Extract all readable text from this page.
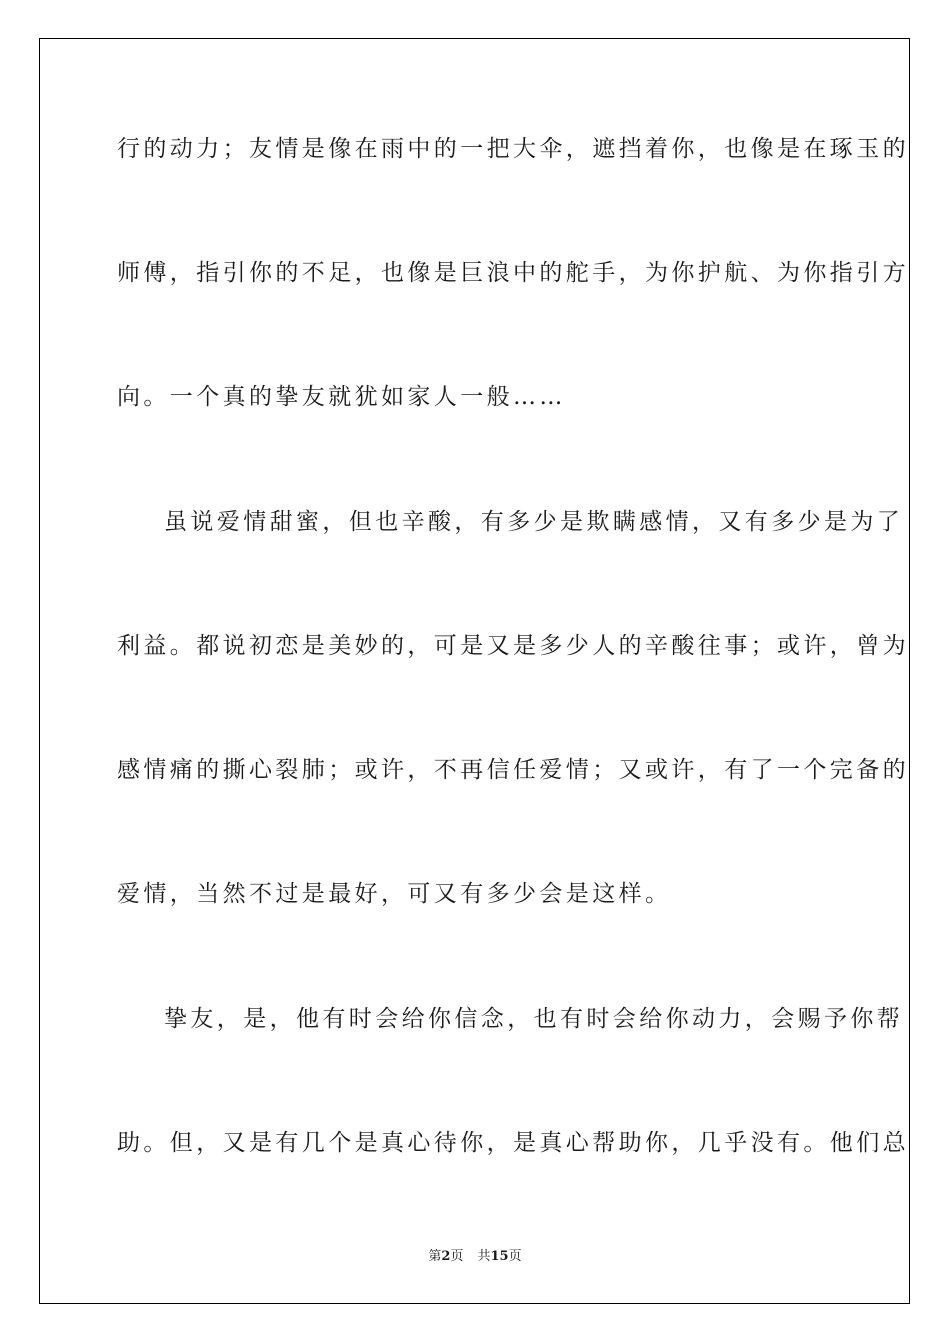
行的动力；友情是像在雨中的一把大伞，遮挡着你，也像是在琢玉的
师傅，指引你的不足，也像是巨浪中的舵手，为你护航、为你指引方
向。一个真的挚友就犹如家人一般……
虽说爱情甜蜜，但也辛酸，有多少是欺瞒感情，又有多少是为了
利益。都说初恋是美妙的，可是又是多少人的辛酸往事；或许，曾为
感情痛的撕心裂肺；或许，不再信任爱情；又或许，有了一个完备的
爱情，当然不过是最好，可又有多少会是这样。
挚友，是，他有时会给你信念，也有时会给你动力，会赐予你帮
助。但，又是有几个是真心待你，是真心帮助你，几乎没有。他们总
第2页 共15页
